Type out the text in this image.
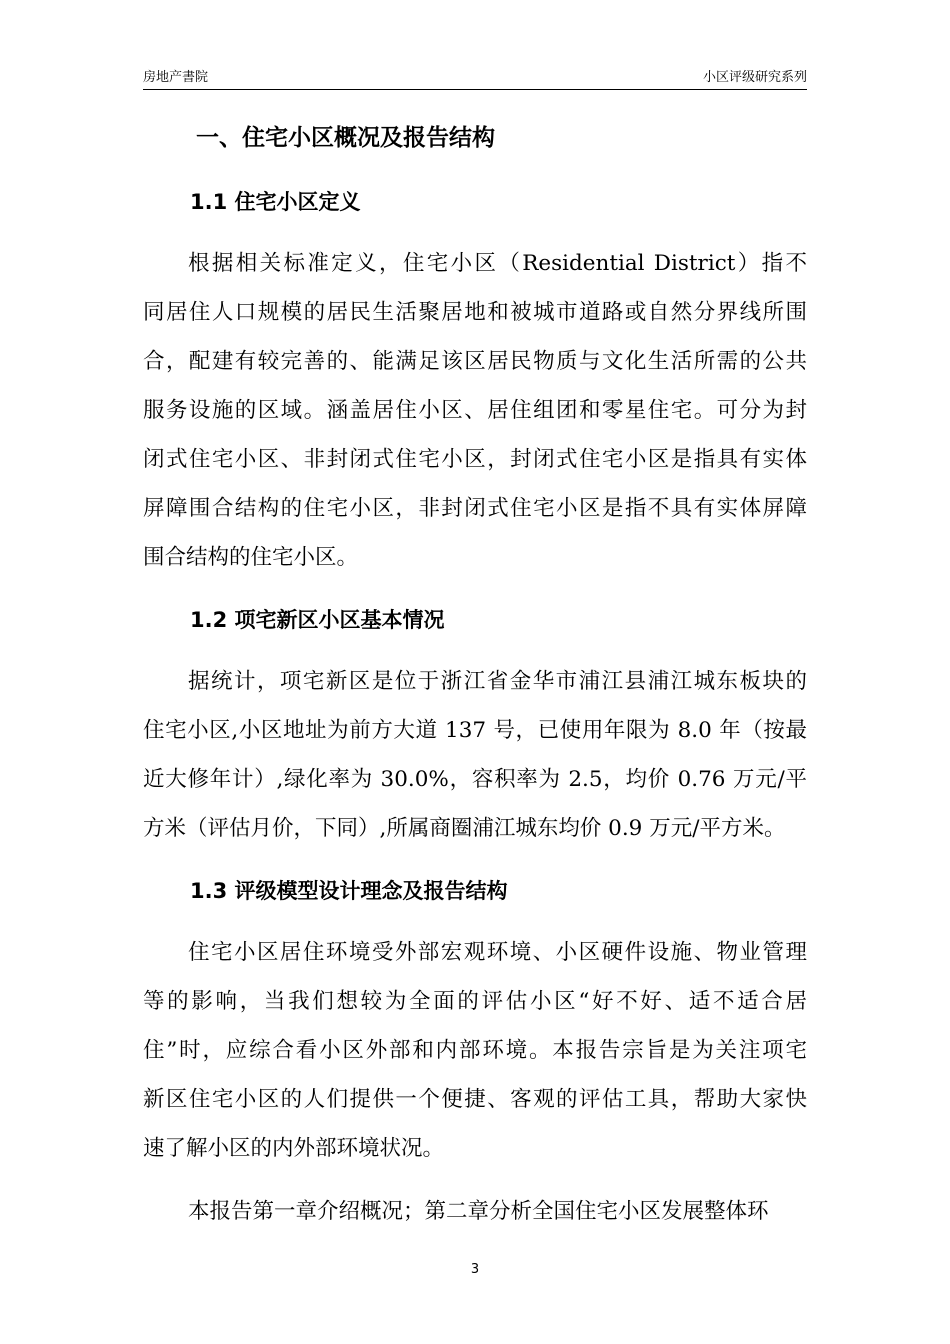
房地产書院	小区评级研究系列
一、住宅小区概况及报告结构
1.1 住宅小区定义

根据相关标准定义，住宅小区（Residential District）指不
同居住人口规模的居民生活聚居地和被城市道路或自然分界线所围
合，配建有较完善的、能满足该区居民物质与文化生活所需的公共
服务设施的区域。涵盖居住小区、居住组团和零星住宅。可分为封
闭式住宅小区、非封闭式住宅小区，封闭式住宅小区是指具有实体
屏障围合结构的住宅小区，非封闭式住宅小区是指不具有实体屏障
围合结构的住宅小区。

1.2 项宅新区小区基本情况

据统计，项宅新区是位于浙江省金华市浦江县浦江城东板块的
住宅小区,小区地址为前方大道 137 号，已使用年限为 8.0 年（按最
近大修年计）,绿化率为 30.0%，容积率为 2.5，均价 0.76 万元/平
方米（评估月价，下同）,所属商圈浦江城东均价 0.9 万元/平方米。

1.3 评级模型设计理念及报告结构

住宅小区居住环境受外部宏观环境、小区硬件设施、物业管理
等的影响，当我们想较为全面的评估小区“好不好、适不适合居
住”时，应综合看小区外部和内部环境。本报告宗旨是为关注项宅
新区住宅小区的人们提供一个便捷、客观的评估工具，帮助大家快
速了解小区的内外部环境状况。

本报告第一章介绍概况；第二章分析全国住宅小区发展整体环

3
